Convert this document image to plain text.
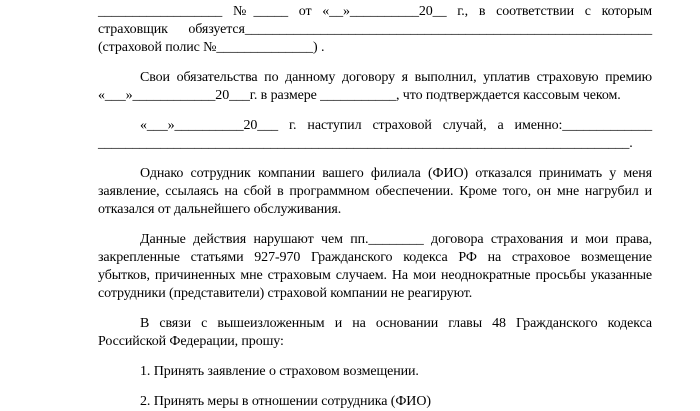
__________________ №_____ от «__»__________20__ г., в соответствии с которым
страховщик обязуется___________________________________________________________
(страховой полис №______________) .
Свои обязательства по данному договору я выполнил, уплатив страховую премию
«___»____________20___г. в размере ___________, что подтверждается кассовым чеком.
«___»__________20___ г. наступил страховой случай, а именно:_____________
_____________________________________________________________________________.
Однако сотрудник компании вашего филиала (ФИО) отказался принимать у меня
заявление, ссылаясь на сбой в программном обеспечении. Кроме того, он мне нагрубил и
отказался от дальнейшего обслуживания.
Данные действия нарушают чем пп.________ договора страхования и мои права,
закрепленные статьями 927-970 Гражданского кодекса РФ на страховое возмещение
убытков, причиненных мне страховым случаем. На мои неоднократные просьбы указанные
сотрудники (представители) страховой компании не реагируют.
В связи с вышеизложенным и на основании главы 48 Гражданского кодекса
Российской Федерации, прошу:
1. Принять заявление о страховом возмещении.
2. Принять меры в отношении сотрудника (ФИО)
